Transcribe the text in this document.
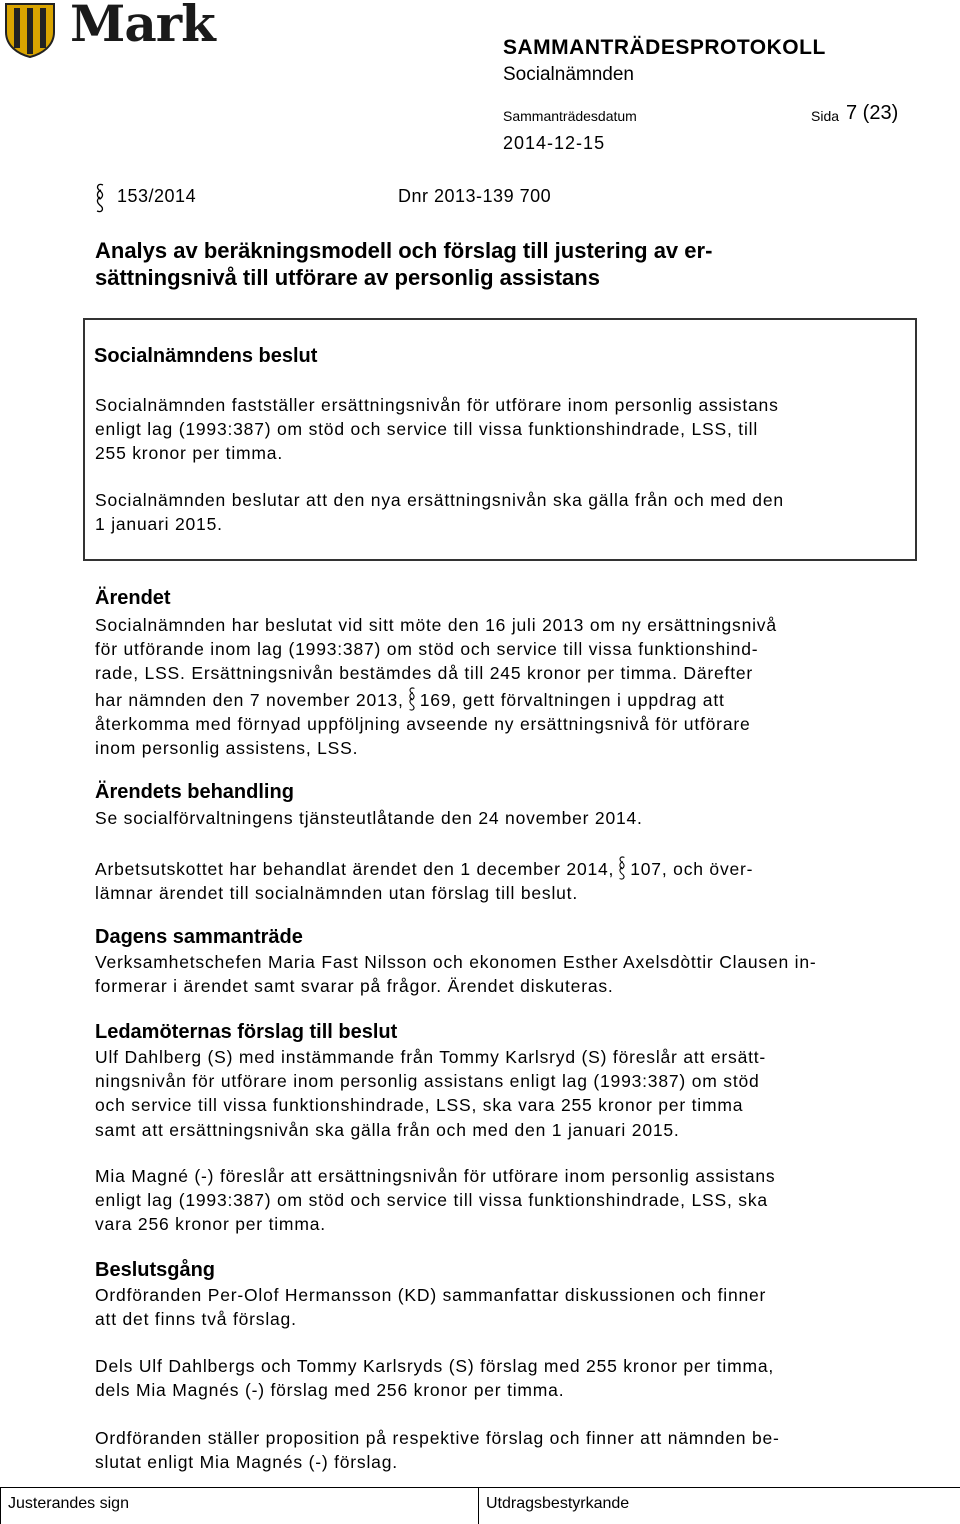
Mark	SAMMANTRÄDESPROTOKOLL
Socialnämnden
Sammanträdesdatum
2014-12-15
Sida 7 (23)
153/2014	Dnr 2013-139 700
Analys av beräkningsmodell och förslag till justering av er-
sättningsnivå till utförare av personlig assistans
Socialnämndens beslut

Socialnämnden fastställer ersättningsnivån för utförare inom personlig assistans

enligt lag (1993:387) om stöd och service till vissa funktionshindrade, LSS, till

255 kronor per timma.

Socialnämnden beslutar att den nya ersättningsnivån ska gälla från och med den

1 januari 2015.

Ärendet

Socialnämnden har beslutat vid sitt möte den 16 juli 2013 om ny ersättningsnivå

för utförande inom lag (1993:387) om stöd och service till vissa funktionshind-

rade, LSS. Ersättningsnivån bestämdes då till 245 kronor per timma. Därefter

har nämnden den 7 november 2013, 169, gett förvaltningen i uppdrag att

återkomma med förnyad uppföljning avseende ny ersättningsnivå för utförare

inom personlig assistens, LSS.

Ärendets behandling

Se socialförvaltningens tjänsteutlåtande den 24 november 2014.

Arbetsutskottet har behandlat ärendet den 1 december 2014, 107, och över-

lämnar ärendet till socialnämnden utan förslag till beslut.

Dagens sammanträde

Verksamhetschefen Maria Fast Nilsson och ekonomen Esther Axelsdòttir Clausen in-

formerar i ärendet samt svarar på frågor. Ärendet diskuteras.

Ledamöternas förslag till beslut

Ulf Dahlberg (S) med instämmande från Tommy Karlsryd (S) föreslår att ersätt-

ningsnivån för utförare inom personlig assistans enligt lag (1993:387) om stöd

och service till vissa funktionshindrade, LSS, ska vara 255 kronor per timma

samt att ersättningsnivån ska gälla från och med den 1 januari 2015.

Mia Magné (-) föreslår att ersättningsnivån för utförare inom personlig assistans

enligt lag (1993:387) om stöd och service till vissa funktionshindrade, LSS, ska

vara 256 kronor per timma.

Beslutsgång

Ordföranden Per-Olof Hermansson (KD) sammanfattar diskussionen och finner

att det finns två förslag.

Dels Ulf Dahlbergs och Tommy Karlsryds (S) förslag med 255 kronor per timma,

dels Mia Magnés (-) förslag med 256 kronor per timma.

Ordföranden ställer proposition på respektive förslag och finner att nämnden be-

slutat enligt Mia Magnés (-) förslag.

Justerandes sign	Utdragsbestyrkande
